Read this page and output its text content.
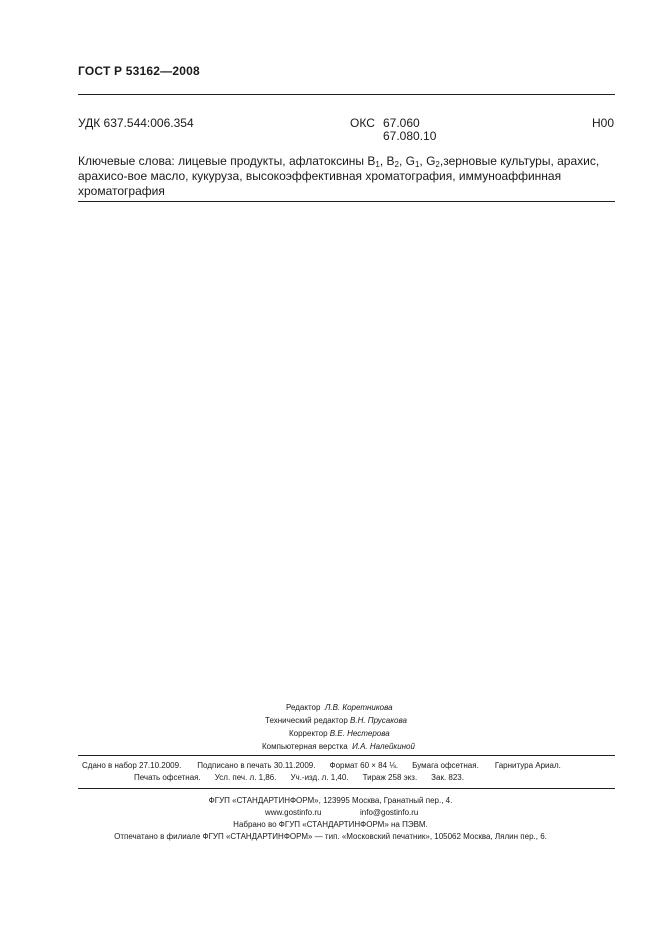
ГОСТ Р 53162—2008
УДК 637.544:006.354	ОКС 67.060
67.080.10
Н00
Ключевые слова: лицевые продукты, афлатоксины $B_1$, $B_2$, $G_1$, $G_2,зерновые$ культуры, арахис, арахисо-вое масло, кукуруза, высокоэффективная хроматография, иммуноаффинная хроматография
Редактор Л.В. Коретникова
Технический редактор В.Н. Прусакова
Корректор В.Е. Нестерова
Компьютерная верстка И.А. Налейкиной
Сдано в набор 27.10.2009. Подписано в печать 30.11.2009. Формат 60 × 84 ⅛. Бумага офсетная. Гарнитура Ариал.
Печать офсетная. Усл. печ. л. 1,86. Уч.-изд. л. 1,40. Тираж 258 экз. Зак. 823.
ФГУП «СТАНДАРТИНФОРМ», 123995 Москва, Гранатный пер., 4.
www.gostinfo.ru	info@gostinfo.ru
Набрано во ФГУП «СТАНДАРТИНФОРМ» на ПЭВМ.
Отпечатано в филиале ФГУП «СТАНДАРТИНФОРМ» — тип. «Московский печатник», 105062 Москва, Лялин пер., 6.
